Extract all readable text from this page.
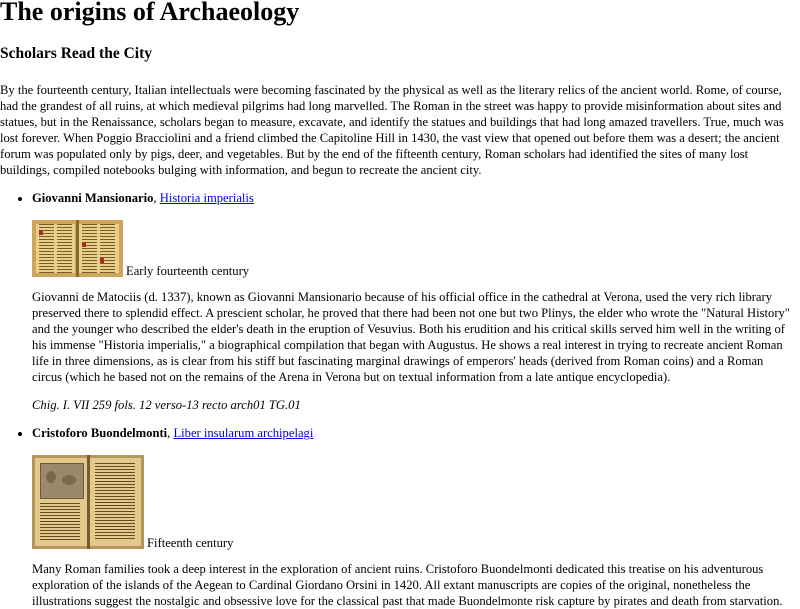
The origins of Archaeology
Scholars Read the City

By the fourteenth century, Italian intellectuals were becoming fascinated by the physical as well as the literary relics of the ancient world. Rome, of course, had the grandest of all ruins, at which medieval pilgrims had long marvelled. The Roman in the street was happy to provide misinformation about sites and statues, but in the Renaissance, scholars began to measure, excavate, and identify the statues and buildings that had long amazed travellers. True, much was lost forever. When Poggio Bracciolini and a friend climbed the Capitoline Hill in 1430, the vast view that opened out before them was a desert; the ancient forum was populated only by pigs, deer, and vegetables. But by the end of the fifteenth century, Roman scholars had identified the sites of many lost buildings, compiled notebooks bulging with information, and begun to recreate the ancient city.

• Giovanni Mansionario, Historia imperialis

Early fourteenth century

Giovanni de Matociis (d. 1337), known as Giovanni Mansionario because of his official office in the cathedral at Verona, used the very rich library preserved there to splendid effect. A prescient scholar, he proved that there had been not one but two Plinys, the elder who wrote the "Natural History" and the younger who described the elder's death in the eruption of Vesuvius. Both his erudition and his critical skills served him well in the writing of his immense "Historia imperialis," a biographical compilation that began with Augustus. He shows a real interest in trying to recreate ancient Roman life in three dimensions, as is clear from his stiff but fascinating marginal drawings of emperors' heads (derived from Roman coins) and a Roman circus (which he based not on the remains of the Arena in Verona but on textual information from a late antique encyclopedia).

Chig. I. VII 259 fols. 12 verso-13 recto arch01 TG.01

• Cristoforo Buondelmonti, Liber insularum archipelagi

Fifteenth century

Many Roman families took a deep interest in the exploration of ancient ruins. Cristoforo Buondelmonti dedicated this treatise on his adventurous exploration of the islands of the Aegean to Cardinal Giordano Orsini in 1420. All extant manuscripts are copies of the original, nonetheless the illustrations suggest the nostalgic and obsessive love for the classical past that made Buondelmonte risk capture by pirates and death from starvation.
